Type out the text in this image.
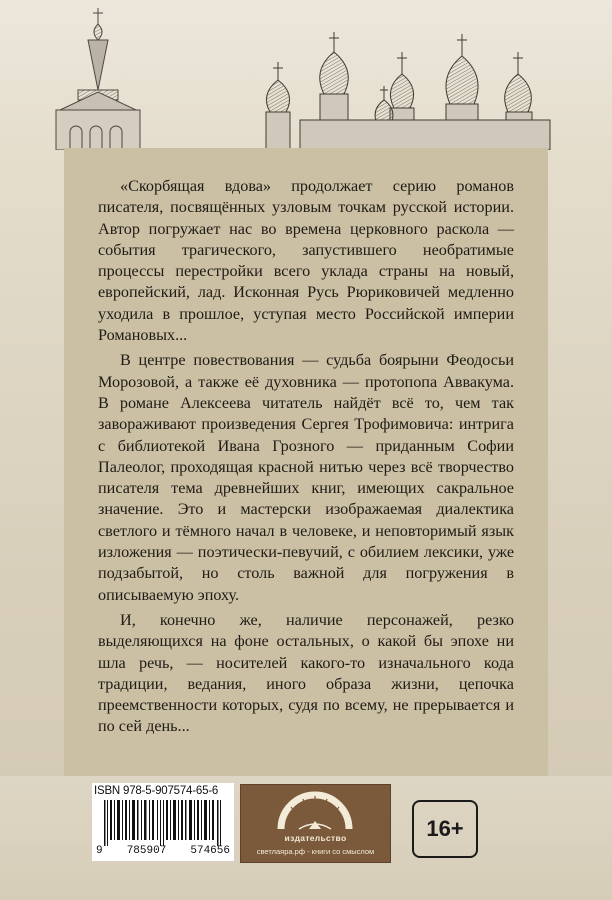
«Скорбящая вдова» продолжает серию романов писателя, посвящённых узловым точкам русской истории. Автор погружает нас во времена церковного раскола — события трагического, запустившего необратимые процессы перестройки всего уклада страны на новый, европейский, лад. Исконная Русь Рюриковичей медленно уходила в прошлое, уступая место Российской империи Романовых...

В центре повествования — судьба боярыни Феодосьи Морозовой, а также её духовника — протопопа Аввакума. В романе Алексеева читатель найдёт всё то, чем так завораживают произведения Сергея Трофимовича: интрига с библиотекой Ивана Грозного — приданным Софии Палеолог, проходящая красной нитью через всё творчество писателя тема древнейших книг, имеющих сакральное значение. Это и мастерски изображаемая диалектика светлого и тёмного начал в человеке, и неповторимый язык изложения — поэтически-певучий, с обилием лексики, уже подзабытой, но столь важной для погружения в описываемую эпоху.

И, конечно же, наличие персонажей, резко выделяющихся на фоне остальных, о какой бы эпохе ни шла речь, — носителей какого-то изначального кода традиции, ведания, иного образа жизни, цепочка преемственности которых, судя по всему, не прерывается и по сей день...

ISBN 978-5-907574-65-6
9 785907 574656
издательство
светлаяра.рф - книги со смыслом
16+
